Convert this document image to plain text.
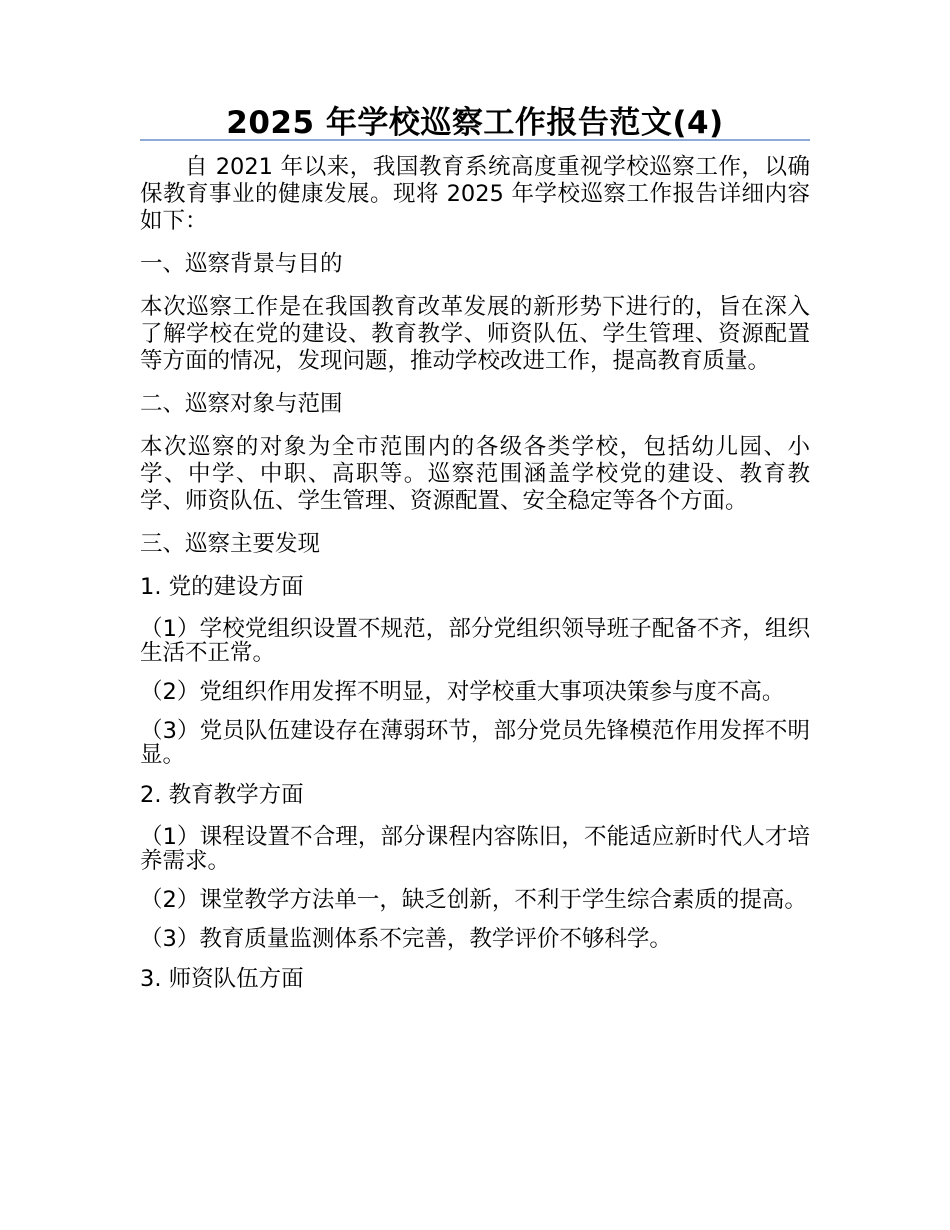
2025 年学校巡察工作报告范文(4)

自 2021 年以来，我国教育系统高度重视学校巡察工作，以确保教育事业的健康发展。现将 2025 年学校巡察工作报告详细内容如下：

一、巡察背景与目的

本次巡察工作是在我国教育改革发展的新形势下进行的，旨在深入了解学校在党的建设、教育教学、师资队伍、学生管理、资源配置等方面的情况，发现问题，推动学校改进工作，提高教育质量。

二、巡察对象与范围

本次巡察的对象为全市范围内的各级各类学校，包括幼儿园、小学、中学、中职、高职等。巡察范围涵盖学校党的建设、教育教学、师资队伍、学生管理、资源配置、安全稳定等各个方面。

三、巡察主要发现
1. 党的建设方面

（1）学校党组织设置不规范，部分党组织领导班子配备不齐，组织生活不正常。

（2）党组织作用发挥不明显，对学校重大事项决策参与度不高。

（3）党员队伍建设存在薄弱环节，部分党员先锋模范作用发挥不明显。

2. 教育教学方面

（1）课程设置不合理，部分课程内容陈旧，不能适应新时代人才培养需求。

（2）课堂教学方法单一，缺乏创新，不利于学生综合素质的提高。

（3）教育质量监测体系不完善，教学评价不够科学。

3. 师资队伍方面
